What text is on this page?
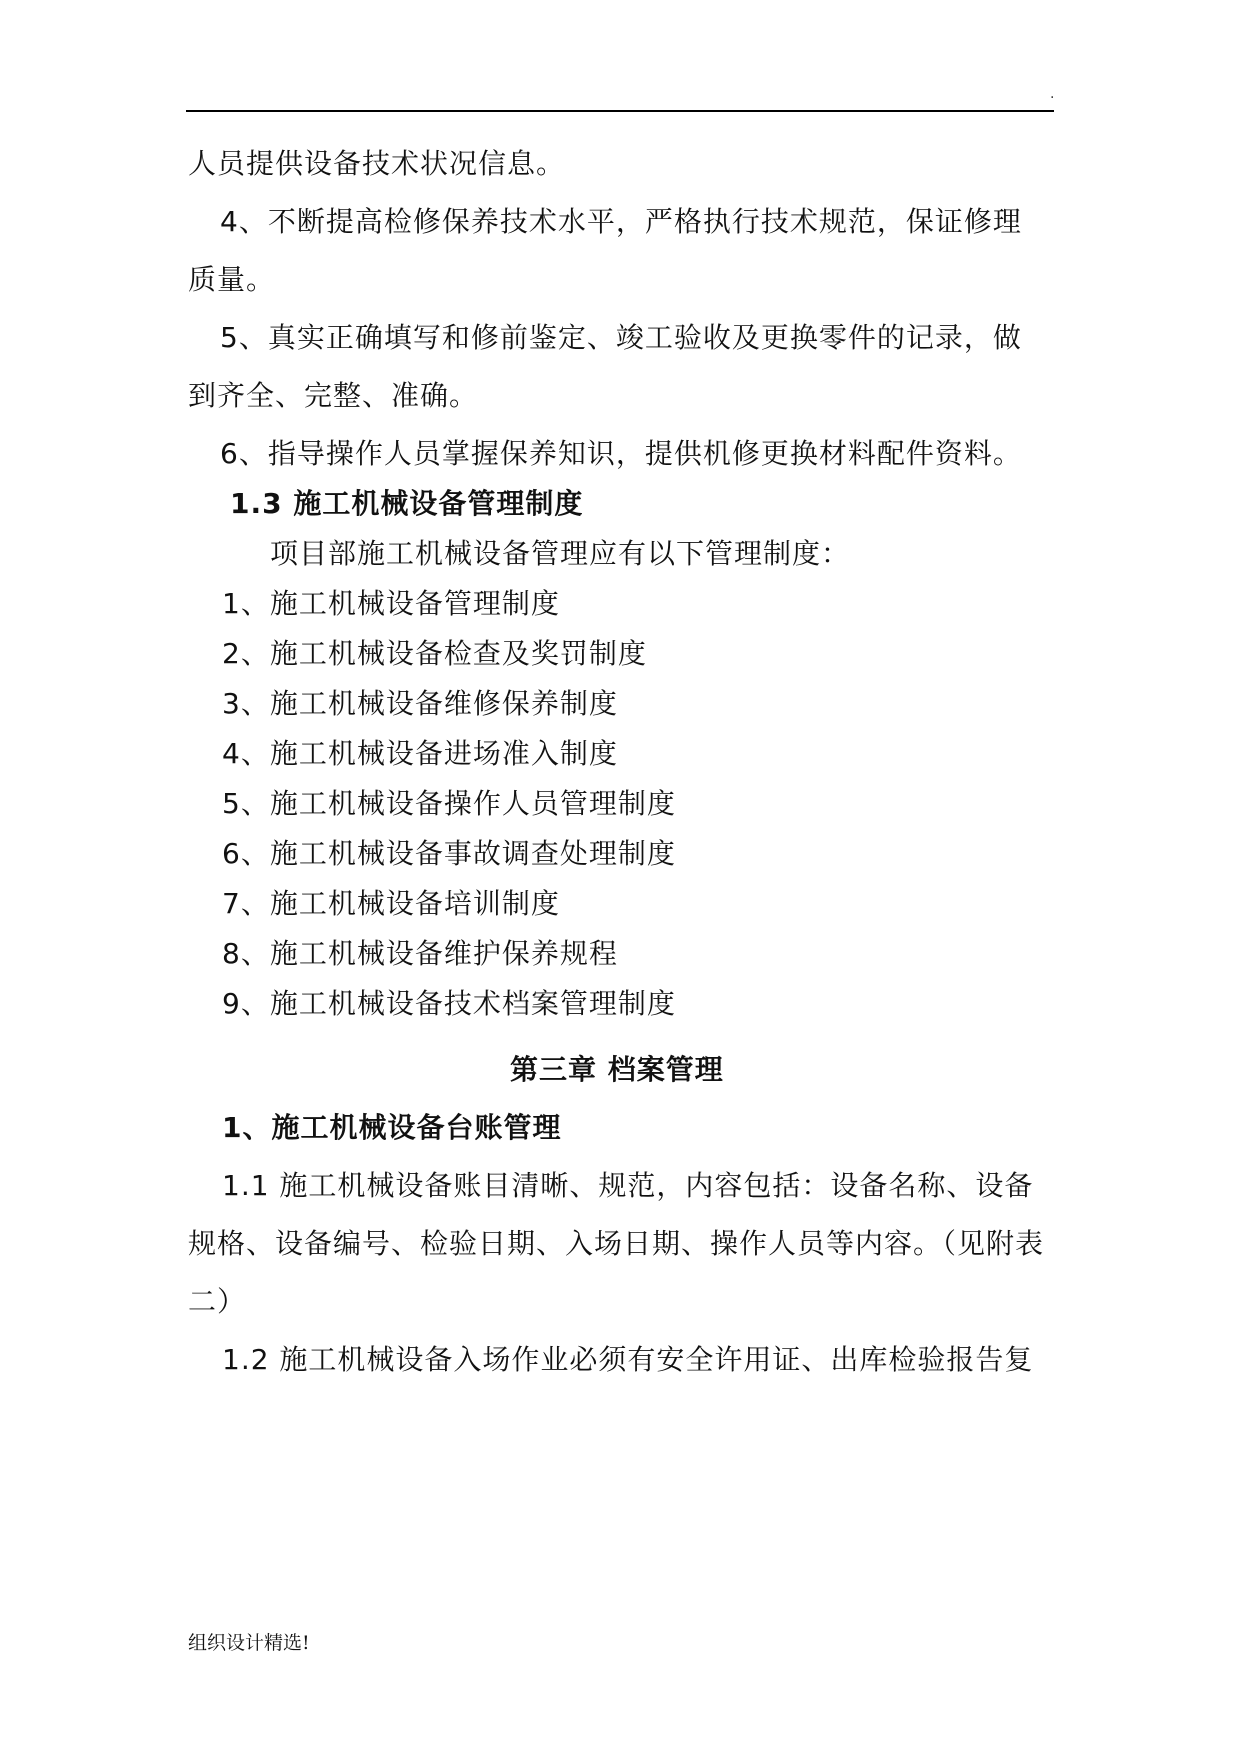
.
人员提供设备技术状况信息。
4、不断提高检修保养技术水平，严格执行技术规范，保证修理
质量。
5、真实正确填写和修前鉴定、竣工验收及更换零件的记录，做
到齐全、完整、准确。
6、指导操作人员掌握保养知识，提供机修更换材料配件资料。
1.3 施工机械设备管理制度
项目部施工机械设备管理应有以下管理制度：
1、施工机械设备管理制度
2、施工机械设备检查及奖罚制度
3、施工机械设备维修保养制度
4、施工机械设备进场准入制度
5、施工机械设备操作人员管理制度
6、施工机械设备事故调查处理制度
7、施工机械设备培训制度
8、施工机械设备维护保养规程
9、施工机械设备技术档案管理制度
第三章 档案管理
1、施工机械设备台账管理
1.1 施工机械设备账目清晰、规范，内容包括：设备名称、设备
规格、设备编号、检验日期、入场日期、操作人员等内容。（见附表
二）
1.2 施工机械设备入场作业必须有安全许用证、出库检验报告复
组织设计精选!
